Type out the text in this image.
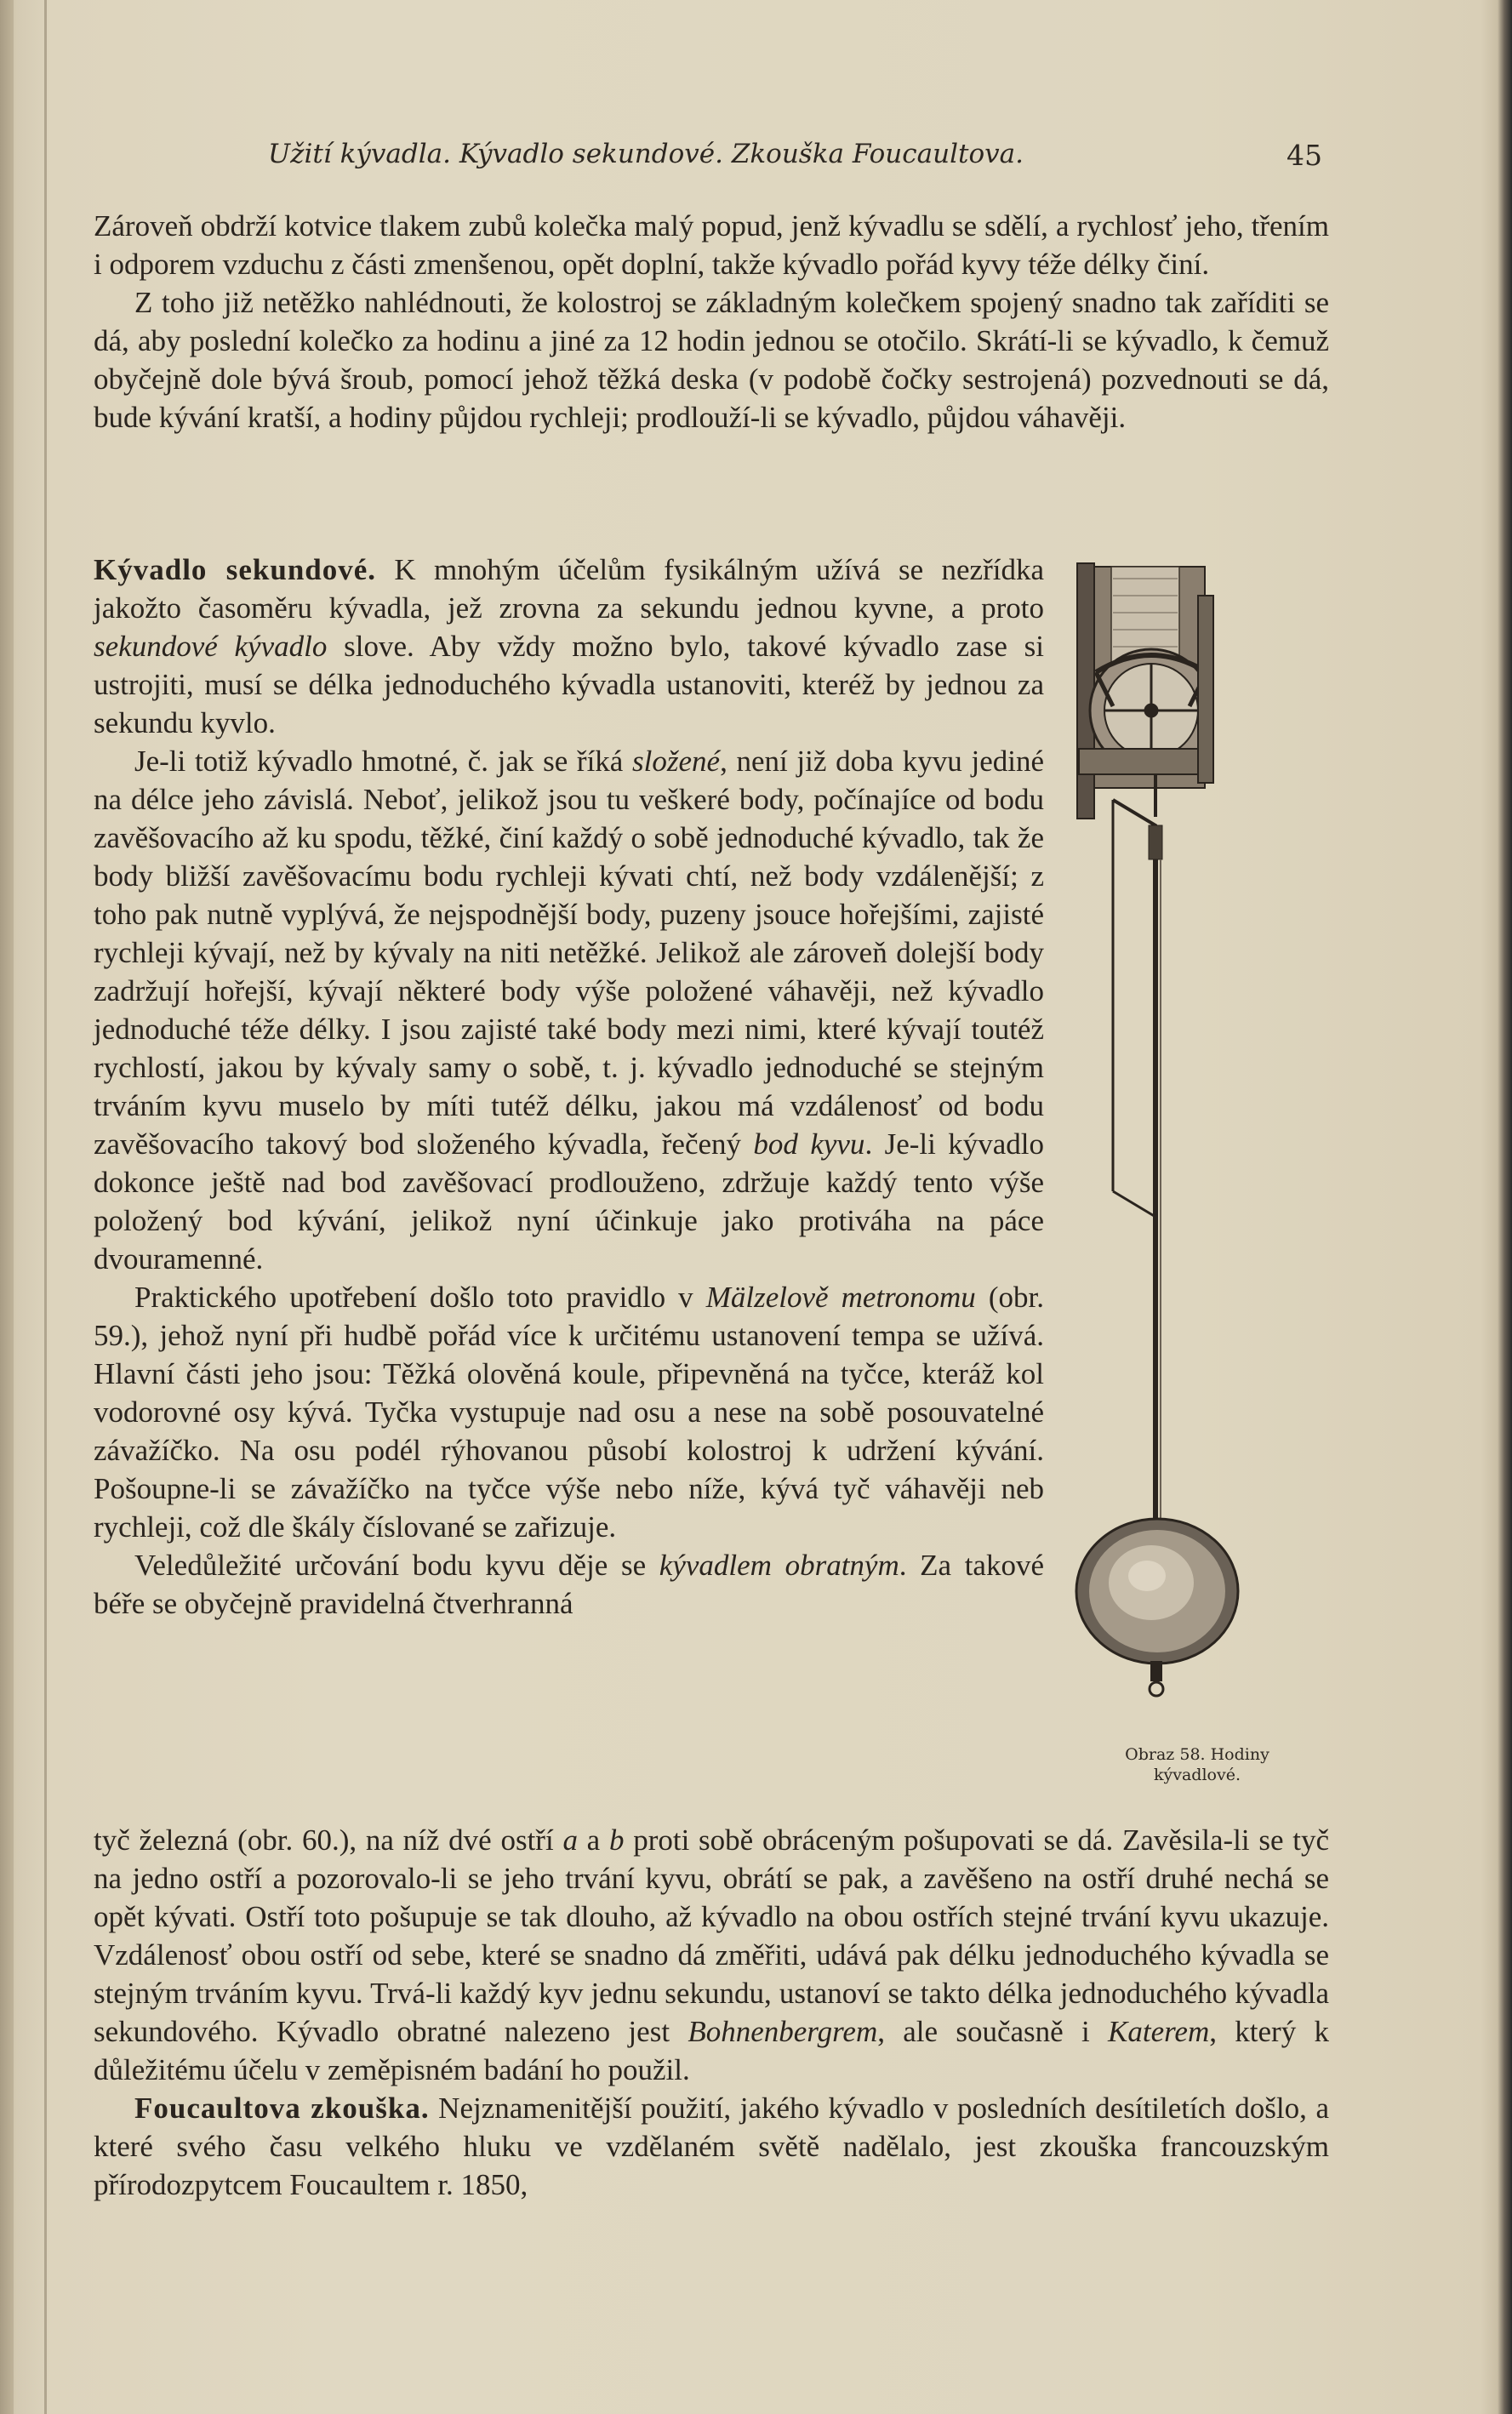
Užití kývadla. Kývadlo sekundové. Zkouška Foucaultova.	45

Zároveň obdrží kotvice tlakem zubů kolečka malý popud, jenž kývadlu se sdělí, a rychlosť jeho, třením i odporem vzduchu z části zmenšenou, opět doplní, takže kývadlo pořád kyvy téže délky činí.

Z toho již netěžko nahlédnouti, že kolostroj se základným kolečkem spojený snadno tak zaříditi se dá, aby poslední kolečko za hodinu a jiné za 12 hodin jednou se otočilo. Skrátí-li se kývadlo, k čemuž obyčejně dole bývá šroub, pomocí jehož těžká deska (v podobě čočky sestrojená) pozvednouti se dá, bude kývání kratší, a hodiny půjdou rychleji; prodlouží-li se kývadlo, půjdou váhavěji.

Kývadlo sekundové. K mnohým účelům fysikálným užívá se nezřídka jakožto časoměru kývadla, jež zrovna za sekundu jednou kyvne, a proto sekundové kývadlo slove. Aby vždy možno bylo, takové kývadlo zase si ustrojiti, musí se délka jednoduchého kývadla ustanoviti, kteréž by jednou za sekundu kyvlo.

Je-li totiž kývadlo hmotné, č. jak se říká složené, není již doba kyvu jediné na délce jeho závislá. Neboť, jelikož jsou tu veškeré body, počínajíce od bodu zavěšovacího až ku spodu, těžké, činí každý o sobě jednoduché kývadlo, tak že body bližší zavěšovacímu bodu rychleji kývati chtí, než body vzdálenější; z toho pak nutně vyplývá, že nejspodnější body, puzeny jsouce hořejšími, zajisté rychleji kývají, než by kývaly na niti netěžké. Jelikož ale zároveň dolejší body zadržují hořejší, kývají některé body výše položené váhavěji, než kývadlo jednoduché téže délky. I jsou zajisté také body mezi nimi, které kývají toutéž rychlostí, jakou by kývaly samy o sobě, t. j. kývadlo jednoduché se stejným trváním kyvu muselo by míti tutéž délku, jakou má vzdálenosť od bodu zavěšovacího takový bod složeného kývadla, řečený bod kyvu. Je-li kývadlo dokonce ještě nad bod zavěšovací prodlouženo, zdržuje každý tento výše položený bod kývání, jelikož nyní účinkuje jako protiváha na páce dvouramenné.

Praktického upotřebení došlo toto pravidlo v Mälzelově metronomu (obr. 59.), jehož nyní při hudbě pořád více k určitému ustanovení tempa se užívá. Hlavní části jeho jsou: Těžká olověná koule, připevněná na tyčce, kteráž kol vodorovné osy kývá. Tyčka vystupuje nad osu a nese na sobě posouvatelné závažíčko. Na osu podél rýhovanou působí kolostroj k udržení kývání. Pošoupne-li se závažíčko na tyčce výše nebo níže, kývá tyč váhavěji neb rychleji, což dle škály číslované se zařizuje.

Veledůležité určování bodu kyvu děje se kývadlem obratným. Za takové béře se obyčejně pravidelná čtverhranná

tyč železná (obr. 60.), na níž dvé ostří a a b proti sobě obráceným pošupovati se dá. Zavěsila-li se tyč na jedno ostří a pozorovalo-li se jeho trvání kyvu, obrátí se pak, a zavěšeno na ostří druhé nechá se opět kývati. Ostří toto pošupuje se tak dlouho, až kývadlo na obou ostřích stejné trvání kyvu ukazuje. Vzdálenosť obou ostří od sebe, které se snadno dá změřiti, udává pak délku jednoduchého kývadla se stejným trváním kyvu. Trvá-li každý kyv jednu sekundu, ustanoví se takto délka jednoduchého kývadla sekundového. Kývadlo obratné nalezeno jest Bohnenbergrem, ale současně i Katerem, který k důležitému účelu v zeměpisném badání ho použil.

Foucaultova zkouška. Nejznamenitější použití, jakého kývadlo v posledních desítiletích došlo, a které svého času velkého hluku ve vzdělaném světě nadělalo, jest zkouška francouzským přírodozpytcem Foucaultem r. 1850,

Obraz 58. Hodiny
kývadlové.
